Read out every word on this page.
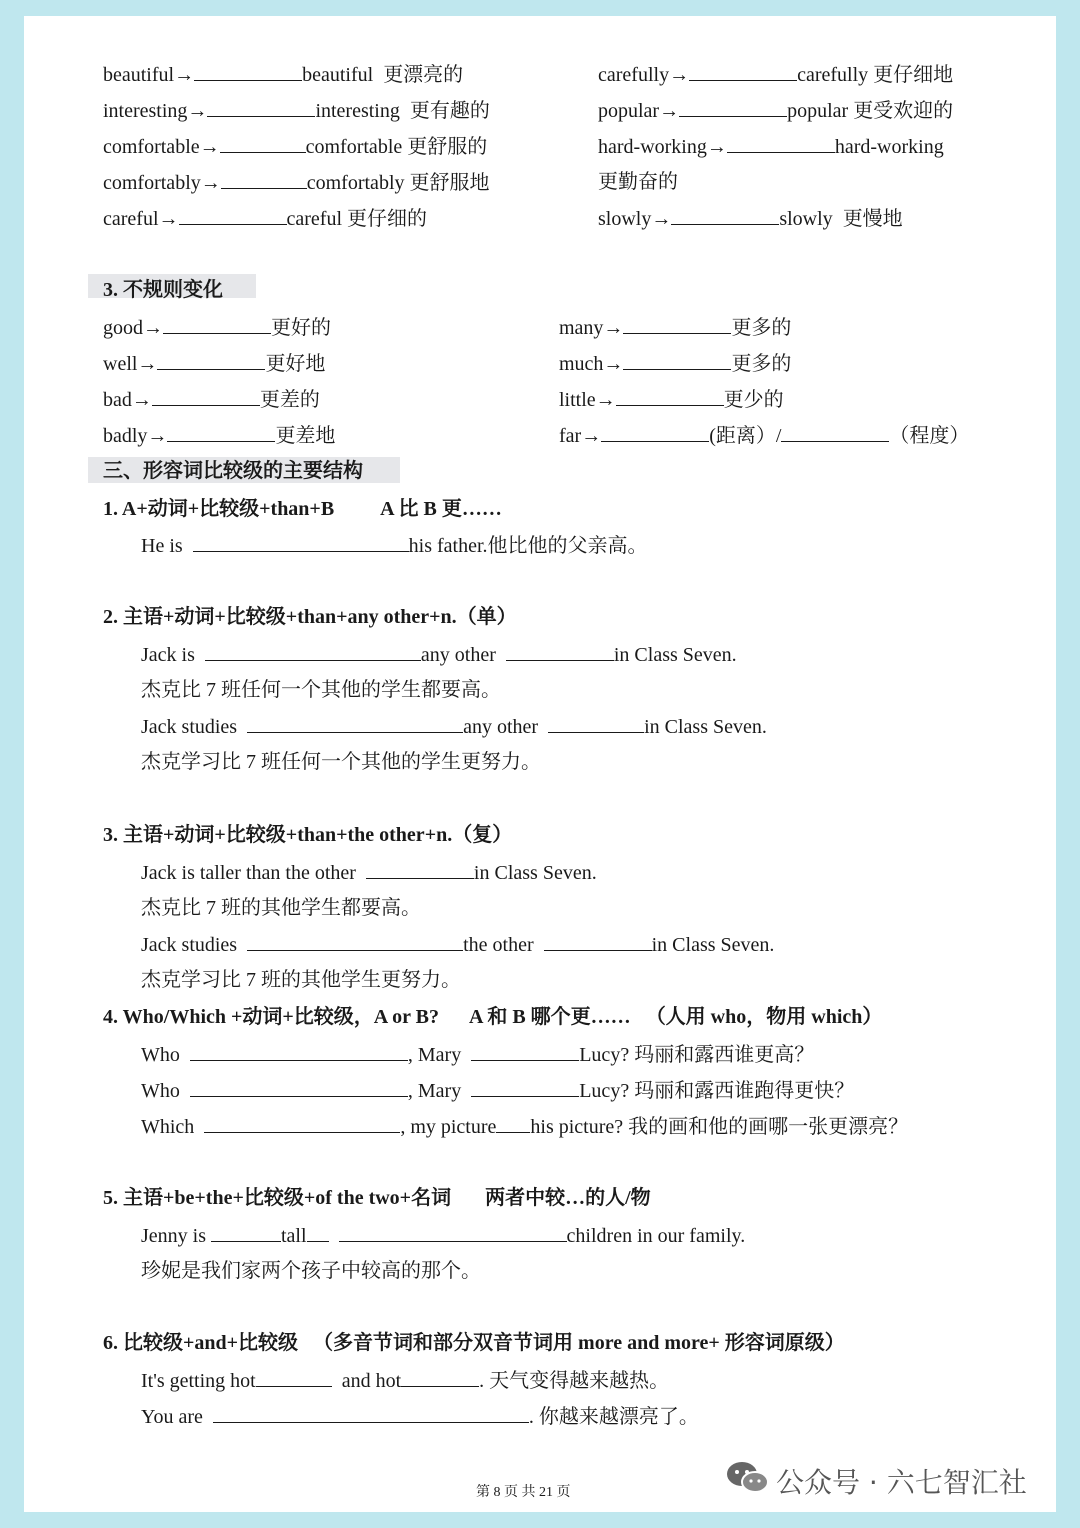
beautiful→	beautiful 更漂亮的
interesting→	interesting 更有趣的
comfortable→	comfortable 更舒服的
comfortably→	comfortably 更舒服地
careful→	careful 更仔细的
carefully→	carefully 更仔细地
popular→	popular 更受欢迎的
hard-working→	hard-working
更勤奋的
slowly→	slowly 更慢地
3. 不规则变化
good→	更好的
well→	更好地
bad→	更差的
badly→	更差地
many→	更多的
much→	更多的
little→	更少的
far→	(距离）/	（程度）
三、形容词比较级的主要结构
1. A+动词+比较级+than+B A 比 B 更……
He is	his father.他比他的父亲高。
2. 主语+动词+比较级+than+any other+n.（单）
Jack is	any other	in Class Seven.
杰克比 7 班任何一个其他的学生都要高。
Jack studies	any other	in Class Seven.
杰克学习比 7 班任何一个其他的学生更努力。
3. 主语+动词+比较级+than+the other+n.（复）
Jack is taller than the other	in Class Seven.
杰克比 7 班的其他学生都要高。
Jack studies	the other	in Class Seven.
杰克学习比 7 班的其他学生更努力。
4. Who/Which +动词+比较级，A or B? A 和 B 哪个更…… （人用 who，物用 which）
Who	, Mary	Lucy? 玛丽和露西谁更高？
Who	, Mary	Lucy? 玛丽和露西谁跑得更快？
Which	, my picture his picture? 我的画和他的画哪一张更漂亮？
5. 主语+be+the+比较级+of the two+名词 两者中较…的人/物
Jenny is	tall	children in our family.
珍妮是我们家两个孩子中较高的那个。
6. 比较级+and+比较级 （多音节词和部分双音节词用 more and more+ 形容词原级）
It's getting hot	and hot	. 天气变得越来越热。
You are	. 你越来越漂亮了。
第 8 页 共 21 页	公众号 · 六七智汇社
